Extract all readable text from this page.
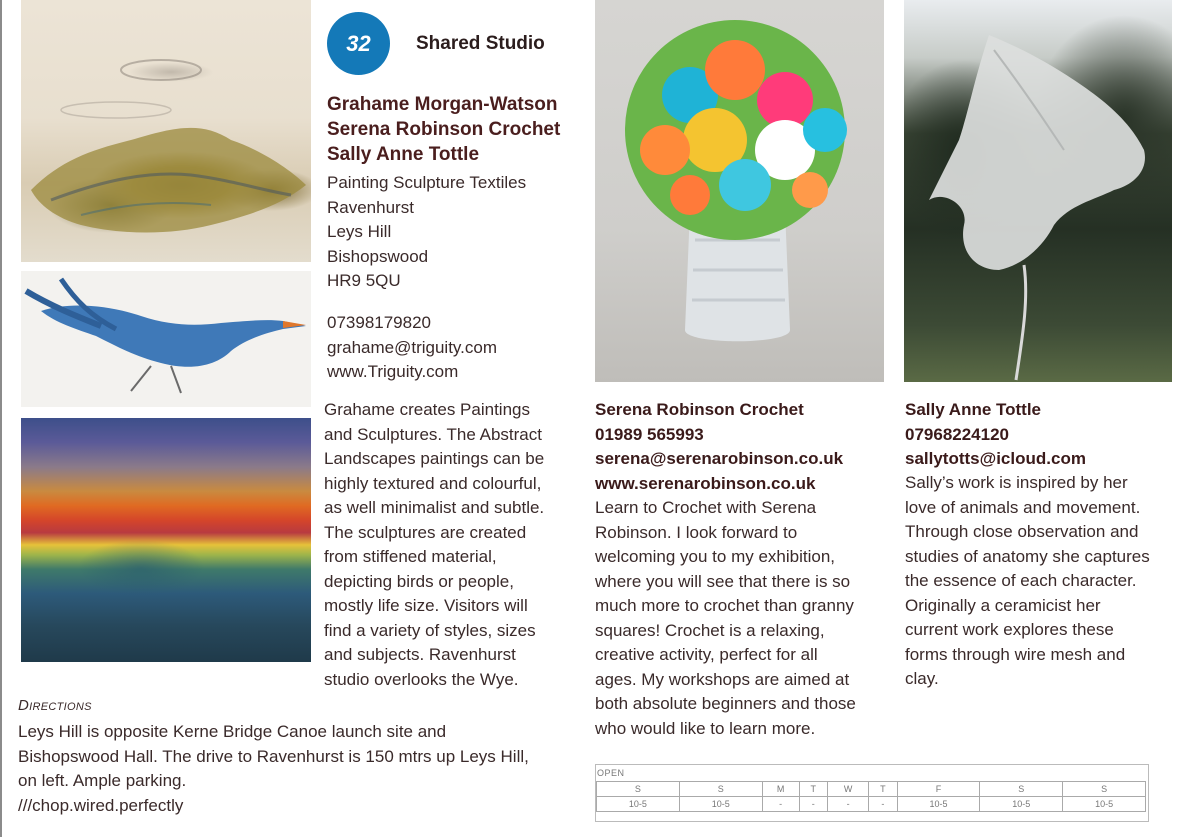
32	Shared Studio
Grahame Morgan-Watson
Serena Robinson Crochet
Sally Anne Tottle
Painting Sculpture Textiles
Ravenhurst
Leys Hill
Bishopswood
HR9 5QU
07398179820
grahame@triguity.com
www.Triguity.com
Grahame creates Paintings
and Sculptures. The Abstract
Landscapes paintings can be
highly textured and colourful,
as well minimalist and subtle.
The sculptures are created
from stiffened material,
depicting birds or people,
mostly life size. Visitors will
find a variety of styles, sizes
and subjects. Ravenhurst
studio overlooks the Wye.
Serena Robinson Crochet
01989 565993
serena@serenarobinson.co.uk
www.serenarobinson.co.uk
Learn to Crochet with Serena
Robinson. I look forward to
welcoming you to my exhibition,
where you will see that there is so
much more to crochet than granny
squares! Crochet is a relaxing,
creative activity, perfect for all
ages. My workshops are aimed at
both absolute beginners and those
who would like to learn more.
Sally Anne Tottle
07968224120
sallytotts@icloud.com
Sally’s work is inspired by her
love of animals and movement.
Through close observation and
studies of anatomy she captures
the essence of each character.
Originally a ceramicist her
current work explores these
forms through wire mesh and
clay.
Directions
Leys Hill is opposite Kerne Bridge Canoe launch site and
Bishopswood Hall. The drive to Ravenhurst is 150 mtrs up Leys Hill,
on left. Ample parking.
///chop.wired.perfectly
OPEN
S	S	M	T	W	T	F	S	S
10-5	10-5	-	-	-	-	10-5	10-5	10-5
